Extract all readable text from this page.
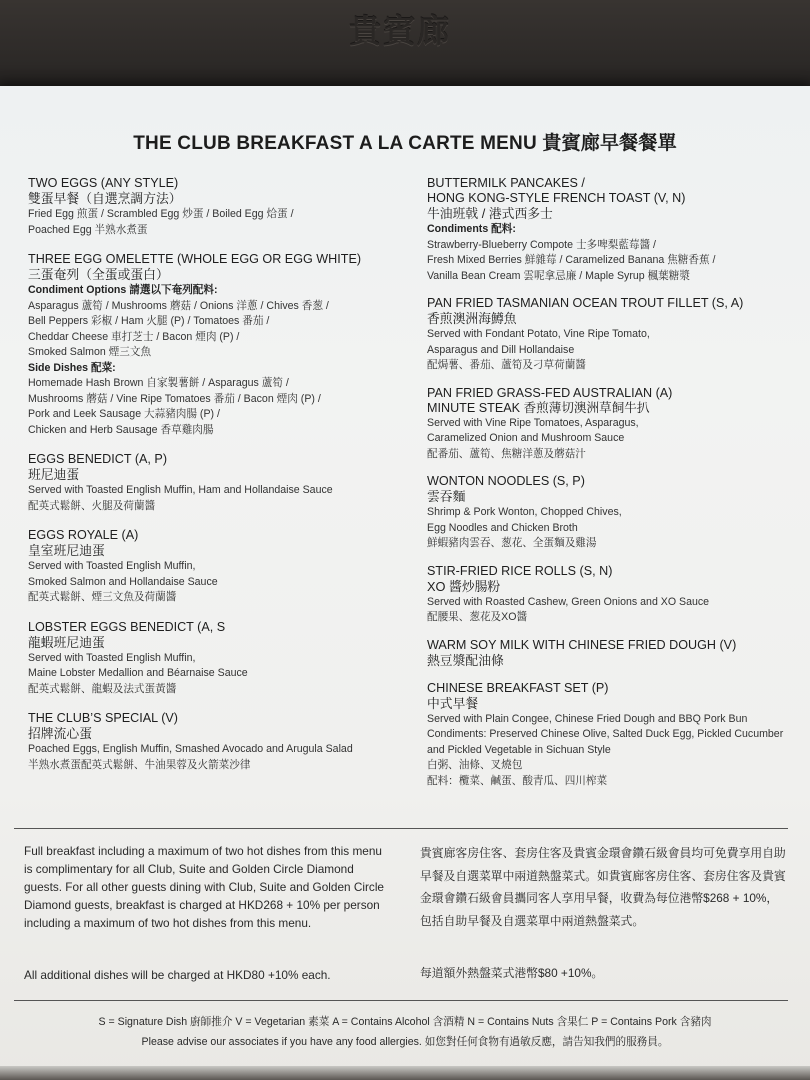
貴賓廊
THE CLUB BREAKFAST A LA CARTE MENU 貴賓廊早餐餐單
TWO EGGS (ANY STYLE)
雙蛋早餐（自選烹調方法）
Fried Egg 煎蛋 / Scrambled Egg 炒蛋 / Boiled Egg 烚蛋 /
Poached Egg 半熟水煮蛋
THREE EGG OMELETTE (WHOLE EGG OR EGG WHITE)
三蛋奄列（全蛋或蛋白）
Condiment Options 請選以下奄列配料:
Asparagus 蘆筍 / Mushrooms 蘑菇 / Onions 洋蔥 / Chives 香葱 /
Bell Peppers 彩椒 / Ham 火腿 (P) / Tomatoes 番茄 /
Cheddar Cheese 車打芝士 / Bacon 煙肉 (P) /
Smoked Salmon 煙三文魚
Side Dishes 配菜:
Homemade Hash Brown 自家製薯餅 / Asparagus 蘆筍 /
Mushrooms 蘑菇 / Vine Ripe Tomatoes 番茄 / Bacon 煙肉 (P) /
Pork and Leek Sausage 大蒜豬肉腸 (P) /
Chicken and Herb Sausage 香草雞肉腸
EGGS BENEDICT (A, P)
班尼迪蛋
Served with Toasted English Muffin, Ham and Hollandaise Sauce
配英式鬆餅、火腿及荷蘭醬
EGGS ROYALE (A)
皇室班尼迪蛋
Served with Toasted English Muffin,
Smoked Salmon and Hollandaise Sauce
配英式鬆餅、煙三文魚及荷蘭醬
LOBSTER EGGS BENEDICT (A, S
龍蝦班尼迪蛋
Served with Toasted English Muffin,
Maine Lobster Medallion and Béarnaise Sauce
配英式鬆餅、龍蝦及法式蛋黃醬
THE CLUB’S SPECIAL (V)
招牌流心蛋
Poached Eggs, English Muffin, Smashed Avocado and Arugula Salad
半熟水煮蛋配英式鬆餅、牛油果蓉及火箭菜沙律
BUTTERMILK PANCAKES /
HONG KONG-STYLE FRENCH TOAST (V, N)
牛油班戟 / 港式西多士
Condiments 配料:
Strawberry-Blueberry Compote 士多啤梨藍莓醬 /
Fresh Mixed Berries 鮮雜莓 / Caramelized Banana 焦糖香蕉 /
Vanilla Bean Cream 雲呢拿忌廉 / Maple Syrup 楓葉糖漿
PAN FRIED TASMANIAN OCEAN TROUT FILLET (S, A)
香煎澳洲海鱒魚
Served with Fondant Potato, Vine Ripe Tomato,
Asparagus and Dill Hollandaise
配焗薯、番茄、蘆筍及刁草荷蘭醬
PAN FRIED GRASS-FED AUSTRALIAN (A)
MINUTE STEAK 香煎薄切澳洲草飼牛扒
Served with Vine Ripe Tomatoes, Asparagus,
Caramelized Onion and Mushroom Sauce
配番茄、蘆筍、焦糖洋蔥及蘑菇汁
WONTON NOODLES (S, P)
雲吞麵
Shrimp & Pork Wonton, Chopped Chives,
Egg Noodles and Chicken Broth
鮮蝦豬肉雲吞、葱花、全蛋麵及雞湯
STIR-FRIED RICE ROLLS (S, N)
XO 醬炒腸粉
Served with Roasted Cashew, Green Onions and XO Sauce
配腰果、葱花及XO醬
WARM SOY MILK WITH CHINESE FRIED DOUGH (V)
熱豆漿配油條
CHINESE BREAKFAST SET (P)
中式早餐
Served with Plain Congee, Chinese Fried Dough and BBQ Pork Bun
Condiments: Preserved Chinese Olive, Salted Duck Egg, Pickled Cucumber
and Pickled Vegetable in Sichuan Style
白粥、油條、叉燒包
配料：欖菜、鹹蛋、酸青瓜、四川榨菜
Full breakfast including a maximum of two hot dishes from this menu is complimentary for all Club, Suite and Golden Circle Diamond guests. For all other guests dining with Club, Suite and Golden Circle Diamond guests, breakfast is charged at HKD268 + 10% per person including a maximum of two hot dishes from this menu.
All additional dishes will be charged at HKD80 +10% each.
貴賓廊客房住客、套房住客及貴賓金環會鑽石級會員均可免費享用自助早餐及自選菜單中兩道熱盤菜式。如貴賓廊客房住客、套房住客及貴賓金環會鑽石級會員攜同客人享用早餐，收費為每位港幣$268 + 10%，包括自助早餐及自選菜單中兩道熱盤菜式。
每道額外熱盤菜式港幣$80 +10%。
S = Signature Dish 廚師推介 V = Vegetarian 素菜 A = Contains Alcohol 含酒精 N = Contains Nuts 含果仁 P = Contains Pork 含豬肉
Please advise our associates if you have any food allergies. 如您對任何食物有過敏反應，請告知我們的服務員。
